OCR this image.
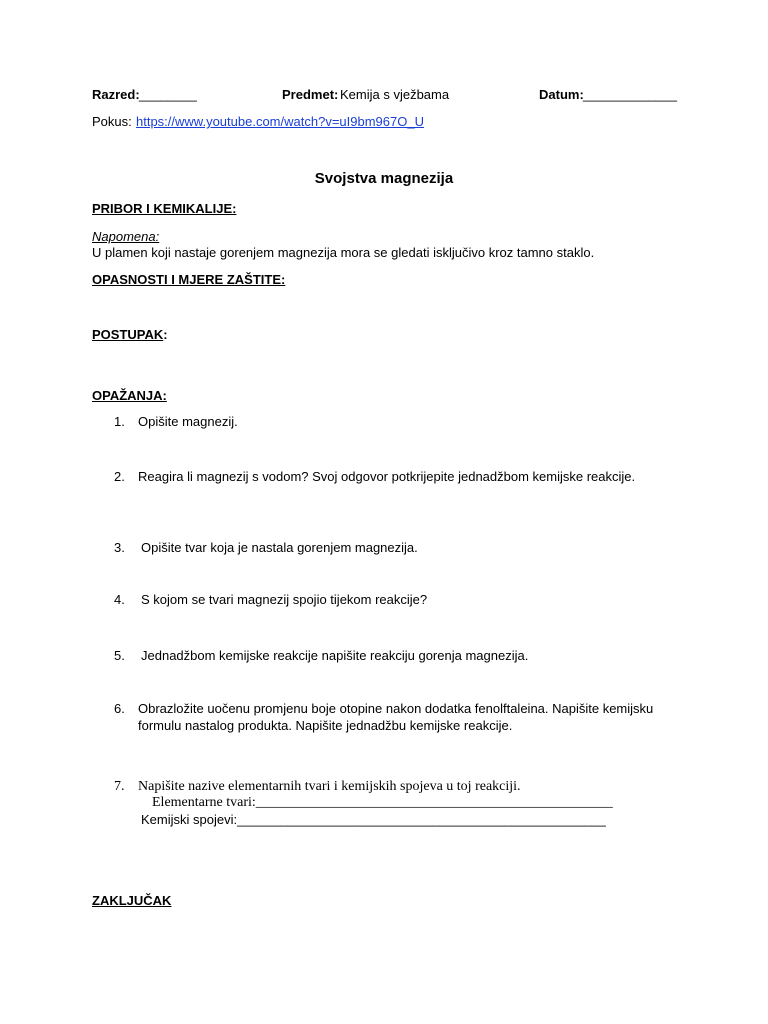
Razred: ________	Predmet: Kemija s vježbama	Datum: _____________
Pokus: https://www.youtube.com/watch?v=uI9bm967O_U
Svojstva magnezija
PRIBOR I KEMIKALIJE:
Napomena:
U plamen koji nastaje gorenjem magnezija mora se gledati isključivo kroz tamno staklo.
OPASNOSTI I MJERE ZAŠTITE:
POSTUPAK:
OPAŽANJA:
1.	Opišite magnezij.
2.	Reagira li magnezij s vodom? Svoj odgovor potkrijepite jednadžbom kemijske reakcije.
3.	Opišite tvar koja je nastala gorenjem magnezija.
4.	S kojom se tvari magnezij spojio tijekom reakcije?
5.	Jednadžbom kemijske reakcije napišite reakciju gorenja magnezija.
6.	Obrazložite uočenu promjenu boje otopine nakon dodatka fenolftaleina. Napišite kemijsku
formulu nastalog produkta. Napišite jednadžbu kemijske reakcije.
7. Napišite nazive elementarnih tvari i kemijskih spojeva u toj reakciji.
Elementarne tvari:___________________________________________________
Kemijski spojevi:___________________________________________________
ZAKLJUČAK
